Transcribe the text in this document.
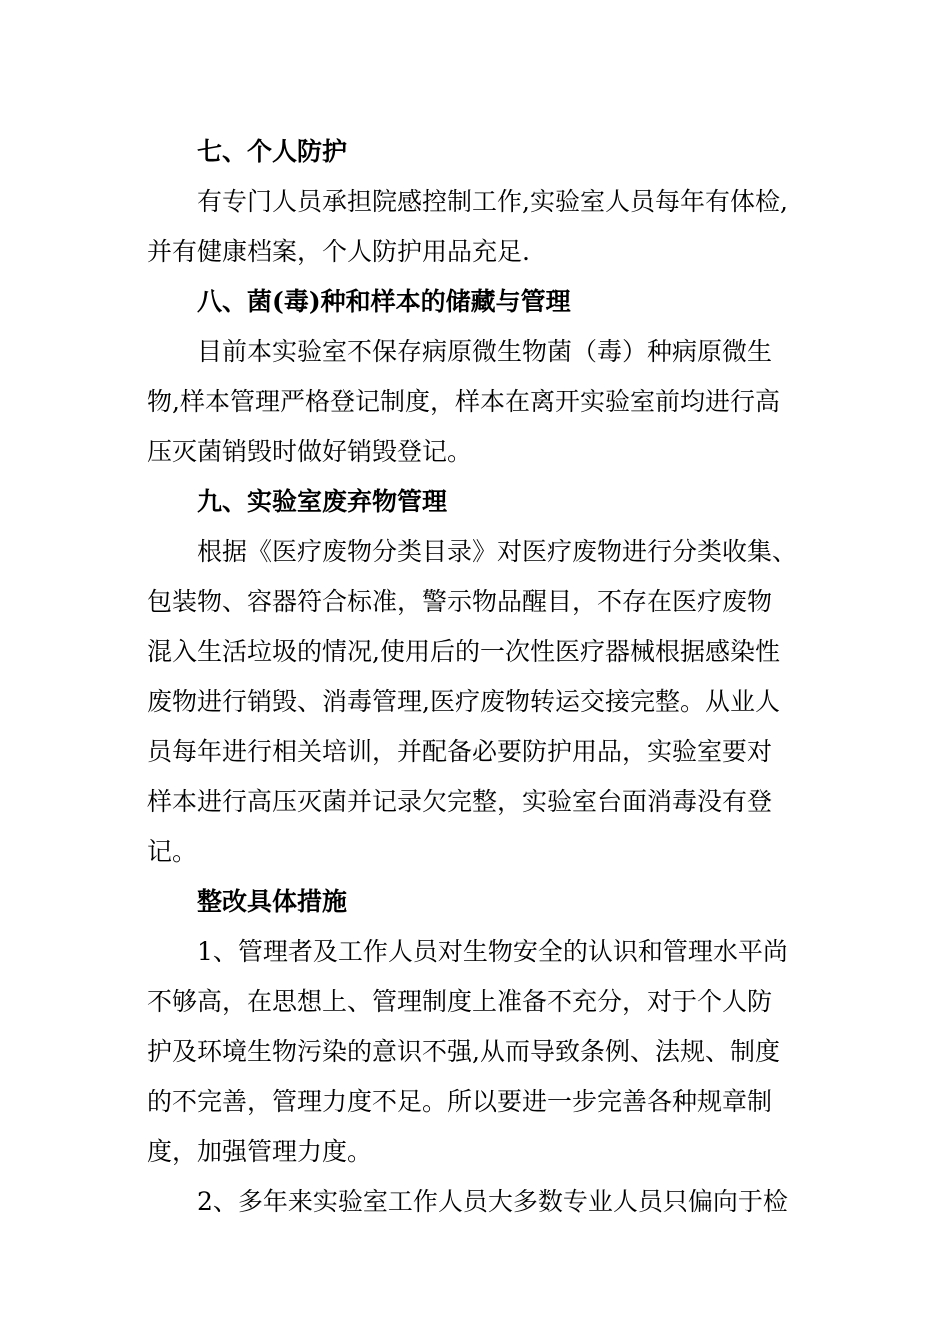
七、个人防护
有专门人员承担院感控制工作,实验室人员每年有体检,
并有健康档案，个人防护用品充足.
八、菌(毒)种和样本的储藏与管理
目前本实验室不保存病原微生物菌（毒）种病原微生
物,样本管理严格登记制度，样本在离开实验室前均进行高
压灭菌销毁时做好销毁登记。
九、实验室废弃物管理
根据《医疗废物分类目录》对医疗废物进行分类收集、
包装物、容器符合标准，警示物品醒目，不存在医疗废物
混入生活垃圾的情况,使用后的一次性医疗器械根据感染性
废物进行销毁、消毒管理,医疗废物转运交接完整。从业人
员每年进行相关培训，并配备必要防护用品，实验室要对
样本进行高压灭菌并记录欠完整，实验室台面消毒没有登
记。
整改具体措施
1、管理者及工作人员对生物安全的认识和管理水平尚
不够高，在思想上、管理制度上准备不充分，对于个人防
护及环境生物污染的意识不强,从而导致条例、法规、制度
的不完善，管理力度不足。所以要进一步完善各种规章制
度，加强管理力度。
2、多年来实验室工作人员大多数专业人员只偏向于检
